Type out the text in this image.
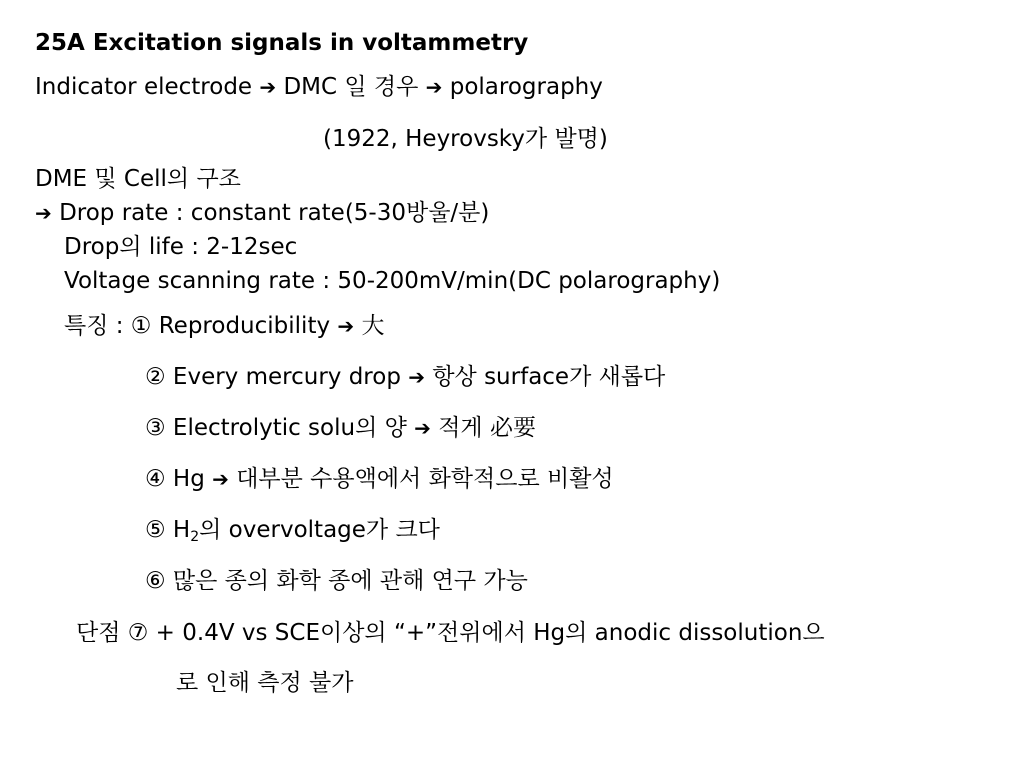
25A Excitation signals in voltammetry
Indicator electrode ➔ DMC 일 경우 ➔ polarography
(1922, Heyrovsky가 발명)
DME 및 Cell의 구조
➔ Drop rate : constant rate(5-30방울/분)
Drop의 life : 2-12sec
Voltage scanning rate : 50-200mV/min(DC polarography)
특징 : ① Reproducibility ➔ 大
② Every mercury drop ➔ 항상 surface가 새롭다
③ Electrolytic solu의 양 ➔ 적게 必要
④ Hg ➔ 대부분 수용액에서 화학적으로 비활성
⑤ $H_2$의 overvoltage가 크다
⑥ 많은 종의 화학 종에 관해 연구 가능
단점 ⑦ + 0.4V vs SCE이상의 “+”전위에서 Hg의 anodic dissolution으
로 인해 측정 불가
